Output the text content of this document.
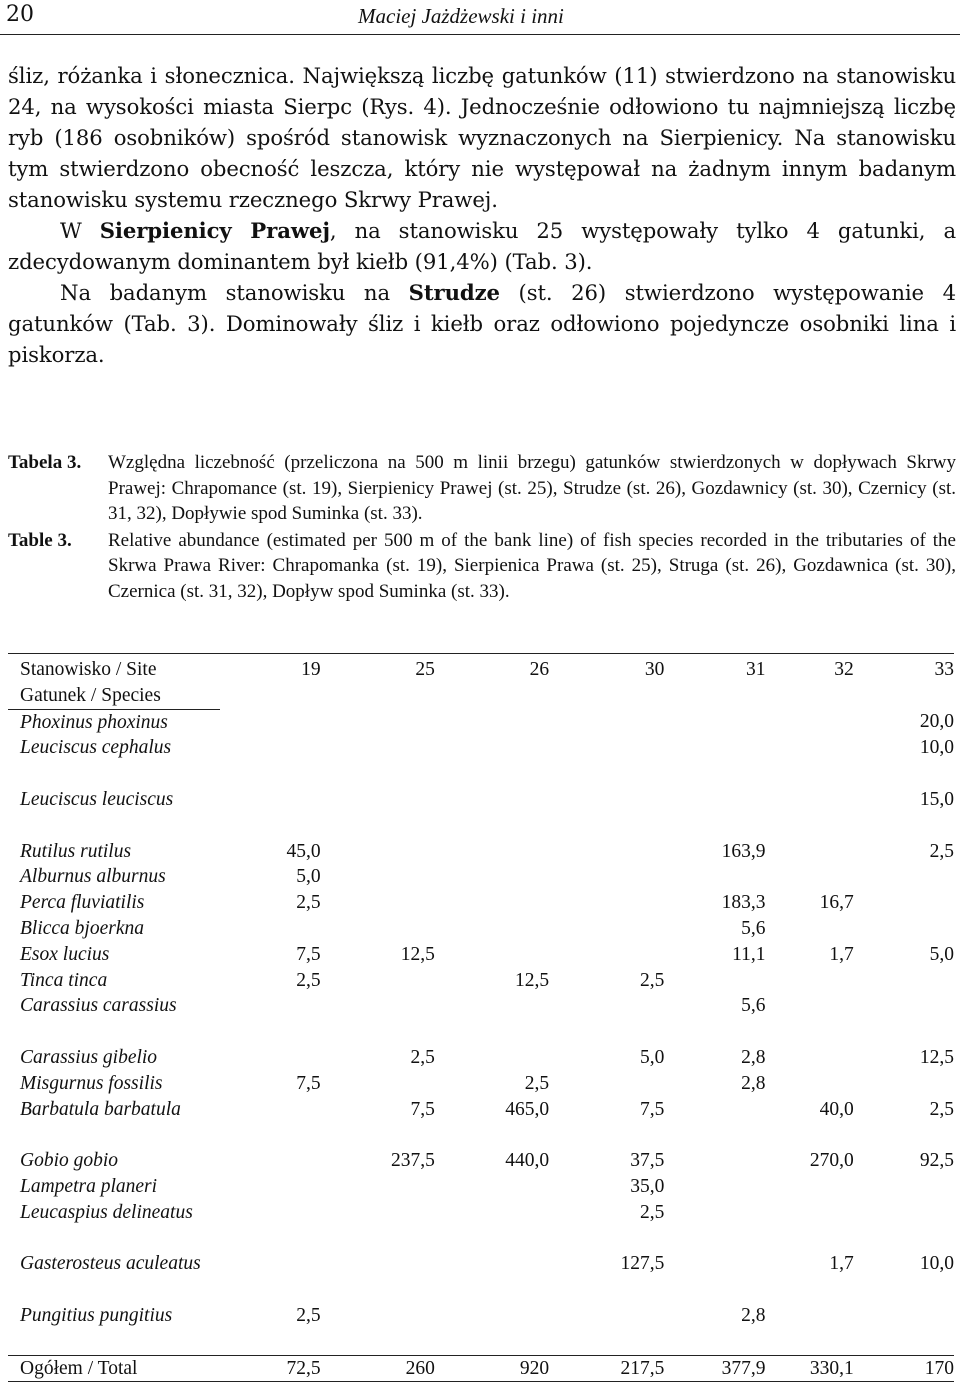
20	Maciej Jażdżewski i inni

śliz, różanka i słonecznica. Największą liczbę gatunków (11) stwierdzono na stanowisku 24, na wysokości miasta Sierpc (Rys. 4). Jednocześnie odłowiono tu najmniejszą liczbę ryb (186 osobników) spośród stanowisk wyznaczonych na Sierpienicy. Na stanowisku tym stwierdzono obecność leszcza, który nie występował na żadnym innym badanym stanowisku systemu rzecznego Skrwy Prawej.

W Sierpienicy Prawej, na stanowisku 25 występowały tylko 4 gatunki, a zdecydowanym dominantem był kiełb (91,4%) (Tab. 3).

Na badanym stanowisku na Strudze (st. 26) stwierdzono występowanie 4 gatunków (Tab. 3). Dominowały śliz i kiełb oraz odłowiono pojedyncze osobniki lina i piskorza.

Tabela 3.	Względna liczebność (przeliczona na 500 m linii brzegu) gatunków stwierdzonych w dopływach Skrwy Prawej: Chrapomance (st. 19), Sierpienicy Prawej (st. 25), Strudze (st. 26), Gozdawnicy (st. 30), Czernicy (st. 31, 32), Dopływie spod Suminka (st. 33).
Table 3.	Relative abundance (estimated per 500 m of the bank line) of fish species recorded in the tributaries of the Skrwa Prawa River: Chrapomanka (st. 19), Sierpienica Prawa (st. 25), Struga (st. 26), Gozdawnica (st. 30), Czernica (st. 31, 32), Dopływ spod Suminka (st. 33).
Stanowisko / Site	19	25	26	30	31	32	33
Gatunek / Species							
Phoxinus phoxinus							20,0
Leuciscus cephalus							10,0
Leuciscus leuciscus							15,0
Rutilus rutilus	45,0				163,9		2,5
Alburnus alburnus	5,0						
Perca fluviatilis	2,5				183,3	16,7	
Blicca bjoerkna					5,6		
Esox lucius	7,5	12,5			11,1	1,7	5,0
Tinca tinca	2,5		12,5	2,5			
Carassius carassius					5,6		
Carassius gibelio		2,5		5,0	2,8		12,5
Misgurnus fossilis	7,5		2,5		2,8		
Barbatula barbatula		7,5	465,0	7,5		40,0	2,5
Gobio gobio		237,5	440,0	37,5		270,0	92,5
Lampetra planeri				35,0			
Leucaspius delineatus				2,5			
Gasterosteus aculeatus				127,5		1,7	10,0
Pungitius pungitius	2,5				2,8		
Ogółem / Total	72,5	260	920	217,5	377,9	330,1	170
